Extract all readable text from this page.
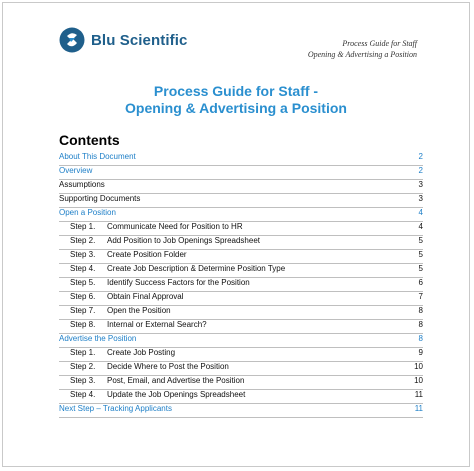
Blu Scientific	Process Guide for Staff
Opening & Advertising a Position
Process Guide for Staff -
Opening & Advertising a Position
Contents
About This Document	2
Overview	2
Assumptions	3
Supporting Documents	3
Open a Position	4
Step 1.	Communicate Need for Position to HR	4
Step 2.	Add Position to Job Openings Spreadsheet	5
Step 3.	Create Position Folder	5
Step 4.	Create Job Description & Determine Position Type	5
Step 5.	Identify Success Factors for the Position	6
Step 6.	Obtain Final Approval	7
Step 7.	Open the Position	8
Step 8.	Internal or External Search?	8
Advertise the Position	8
Step 1.	Create Job Posting	9
Step 2.	Decide Where to Post the Position	10
Step 3.	Post, Email, and Advertise the Position	10
Step 4.	Update the Job Openings Spreadsheet	11
Next Step – Tracking Applicants	11
